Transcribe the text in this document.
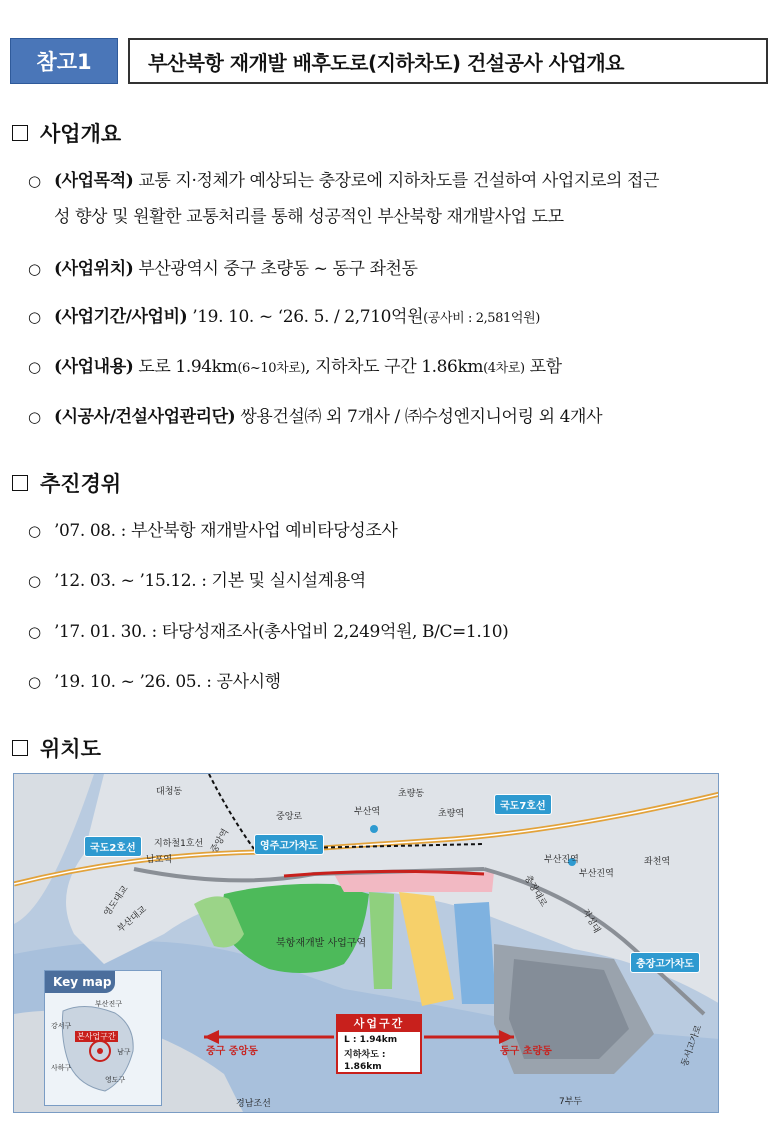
참고1	부산북항 재개발 배후도로(지하차도) 건설공사 사업개요
사업개요
○ (사업목적) 교통 지·정체가 예상되는 충장로에 지하차도를 건설하여 사업지로의 접근
성 향상 및 원활한 교통처리를 통해 성공적인 부산북항 재개발사업 도모
○ (사업위치) 부산광역시 중구 초량동 ~ 동구 좌천동
○ (사업기간/사업비) ’19. 10. ~ ‘26. 5. / 2,710억원(공사비 : 2,581억원)
○ (사업내용) 도로 1.94km(6~10차로), 지하차도 구간 1.86km(4차로) 포함
○ (시공사/건설사업관리단) 쌍용건설㈜ 외 7개사 / ㈜수성엔지니어링 외 4개사
추진경위
○ ’07. 08. : 부산북항 재개발사업 예비타당성조사
○ ’12. 03. ~ ’15.12. : 기본 및 실시설계용역
○ ’17. 01. 30. : 타당성재조사(총사업비 2,249억원, B/C=1.10)
○ ’19. 10. ~ ’26. 05. : 공사시행
위치도
국도2호선	영주고가차도
국도7호선
충장고가차도
대청동	초량동
중앙로
지하철1호선
남포역
영도대교
부산대교
부산역	초량역
부산진역	좌천역
부산진역
충장대로
북항재개발 사업구역
경남조선	7부두
동서고가로
자성대
중앙역
중구 중앙동	동구 초량동
사업구간
L : 1.94km
지하차도 : 1.86km
Key map
부산진구
강서구
사하구
남구
영도구
본사업구간
